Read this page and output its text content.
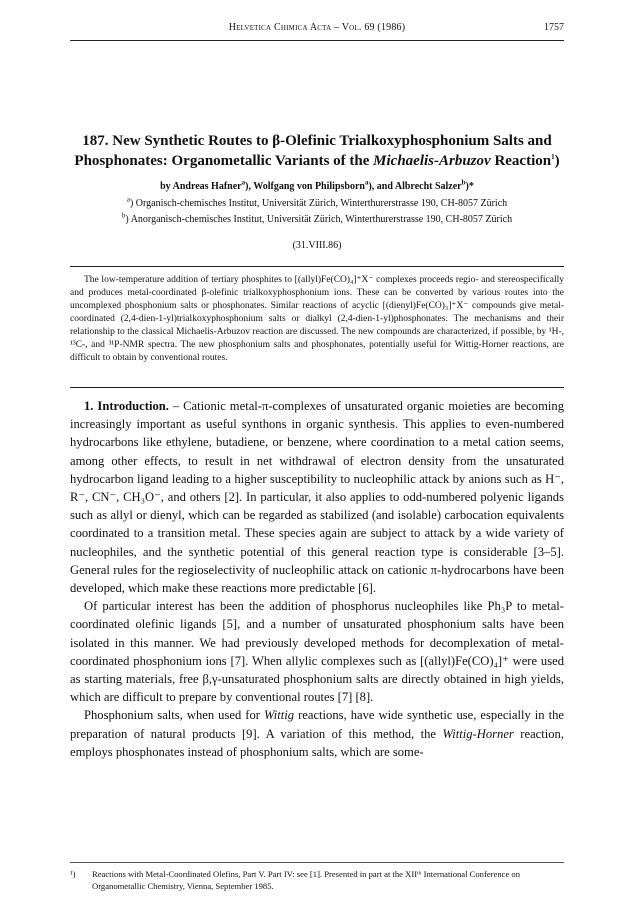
Helvetica Chimica Acta – Vol. 69 (1986)	1757
187. New Synthetic Routes to β-Olefinic Trialkoxyphosphonium Salts and
Phosphonates: Organometallic Variants of the Michaelis-Arbuzov Reaction$^1$)
by Andreas Hafner$^a$), Wolfgang von Philipsborn$^a$), and Albrecht Salzer$^b$)*
$^a$) Organisch-chemisches Institut, Universität Zürich, Winterthurerstrasse 190, CH-8057 Zürich
$^b$) Anorganisch-chemisches Institut, Universität Zürich, Winterthurerstrasse 190, CH-8057 Zürich
(31.VIII.86)

The low-temperature addition of tertiary phosphites to [(allyl)Fe(CO)₄]⁺X⁻ complexes proceeds regio- and stereospecifically and produces metal-coordinated β-olefinic trialkoxyphosphonium ions. These can be converted by various routes into the uncomplexed phosphonium salts or phosphonates. Similar reactions of acyclic [(dienyl)Fe(CO)₃]⁺X⁻ compounds give metal-coordinated (2,4-dien-1-yl)trialkoxyphosphonium salts or dialkyl (2,4-dien-1-yl)phosphonates. The mechanisms and their relationship to the classical Michaelis-Arbuzov reaction are discussed. The new compounds are characterized, if possible, by ¹H-, ¹³C-, and ³¹P-NMR spectra. The new phosphonium salts and phosphonates, potentially useful for Wittig-Horner reactions, are difficult to obtain by conventional routes.

1. Introduction. – Cationic metal-π-complexes of unsaturated organic moieties are becoming increasingly important as useful synthons in organic synthesis. This applies to even-numbered hydrocarbons like ethylene, butadiene, or benzene, where coordination to a metal cation seems, among other effects, to result in net withdrawal of electron density from the unsaturated hydrocarbon ligand leading to a higher susceptibility to nucleophilic attack by anions such as H⁻, R⁻, CN⁻, CH₃O⁻, and others [2]. In particular, it also applies to odd-numbered polyenic ligands such as allyl or dienyl, which can be regarded as stabilized (and isolable) carbocation equivalents coordinated to a transition metal. These species again are subject to attack by a wide variety of nucleophiles, and the synthetic potential of this general reaction type is considerable [3–5]. General rules for the regioselectivity of nucleophilic attack on cationic π-hydrocarbons have been developed, which make these reactions more predictable [6].

Of particular interest has been the addition of phosphorus nucleophiles like Ph₃P to metal-coordinated olefinic ligands [5], and a number of unsaturated phosphonium salts have been isolated in this manner. We had previously developed methods for decomplexation of metal-coordinated phosphonium ions [7]. When allylic complexes such as [(allyl)Fe(CO)₄]⁺ were used as starting materials, free β,γ-unsaturated phosphonium salts are directly obtained in high yields, which are difficult to prepare by conventional routes [7] [8].

Phosphonium salts, when used for Wittig reactions, have wide synthetic use, especially in the preparation of natural products [9]. A variation of this method, the Wittig-Horner reaction, employs phosphonates instead of phosphonium salts, which are some-

¹) Reactions with Metal-Coordinated Olefins, Part V. Part IV: see [1]. Presented in part at the XIIᵗʰ International Conference on Organometallic Chemistry, Vienna, September 1985.
